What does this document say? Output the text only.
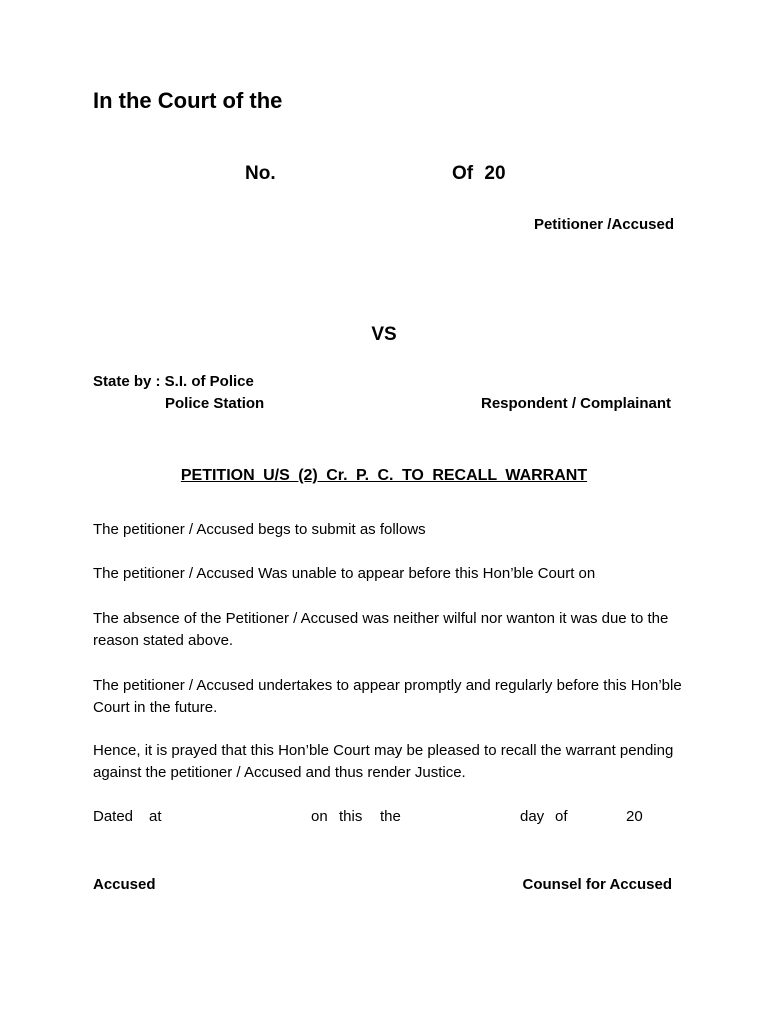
In the Court of the
No.	Of 20
Petitioner /Accused
VS
State by : S.I. of Police
Police Station	Respondent / Complainant
PETITION U/S (2) Cr. P. C. TO RECALL WARRANT
The petitioner / Accused begs to submit as follows
The petitioner / Accused Was unable to appear before this Hon’ble Court on
The absence of the Petitioner / Accused was neither wilful nor wanton it was due to the reason stated above.
The petitioner / Accused undertakes to appear promptly and regularly before this Hon’ble Court in the future.
Hence, it is prayed that this Hon’ble Court may be pleased to recall the warrant pending against the petitioner / Accused and thus render Justice.
Dated at	on this the	day of	20
Accused	Counsel for Accused
